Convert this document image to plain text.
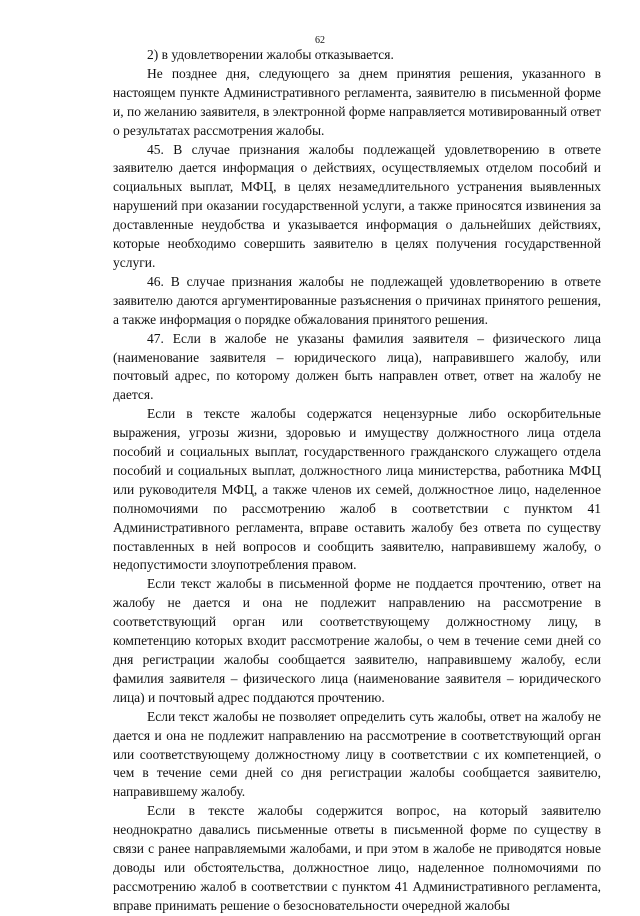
62

2) в удовлетворении жалобы отказывается.

Не позднее дня, следующего за днем принятия решения, указанного в настоящем пункте Административного регламента, заявителю в письменной форме и, по желанию заявителя, в электронной форме направляется мотивированный ответ о результатах рассмотрения жалобы.

45. В случае признания жалобы подлежащей удовлетворению в ответе заявителю дается информация о действиях, осуществляемых отделом пособий и социальных выплат, МФЦ, в целях незамедлительного устранения выявленных нарушений при оказании государственной услуги, а также приносятся извинения за доставленные неудобства и указывается информация о дальнейших действиях, которые необходимо совершить заявителю в целях получения государственной услуги.

46. В случае признания жалобы не подлежащей удовлетворению в ответе заявителю даются аргументированные разъяснения о причинах принятого решения, а также информация о порядке обжалования принятого решения.

47. Если в жалобе не указаны фамилия заявителя – физического лица (наименование заявителя – юридического лица), направившего жалобу, или почтовый адрес, по которому должен быть направлен ответ, ответ на жалобу не дается.

Если в тексте жалобы содержатся нецензурные либо оскорбительные выражения, угрозы жизни, здоровью и имуществу должностного лица отдела пособий и социальных выплат, государственного гражданского служащего отдела пособий и социальных выплат, должностного лица министерства, работника МФЦ или руководителя МФЦ, а также членов их семей, должностное лицо, наделенное полномочиями по рассмотрению жалоб в соответствии с пунктом 41 Административного регламента, вправе оставить жалобу без ответа по существу поставленных в ней вопросов и сообщить заявителю, направившему жалобу, о недопустимости злоупотребления правом.

Если текст жалобы в письменной форме не поддается прочтению, ответ на жалобу не дается и она не подлежит направлению на рассмотрение в соответствующий орган или соответствующему должностному лицу, в компетенцию которых входит рассмотрение жалобы, о чем в течение семи дней со дня регистрации жалобы сообщается заявителю, направившему жалобу, если фамилия заявителя – физического лица (наименование заявителя – юридического лица) и почтовый адрес поддаются прочтению.

Если текст жалобы не позволяет определить суть жалобы, ответ на жалобу не дается и она не подлежит направлению на рассмотрение в соответствующий орган или соответствующему должностному лицу в соответствии с их компетенцией, о чем в течение семи дней со дня регистрации жалобы сообщается заявителю, направившему жалобу.

Если в тексте жалобы содержится вопрос, на который заявителю неоднократно давались письменные ответы в письменной форме по существу в связи с ранее направляемыми жалобами, и при этом в жалобе не приводятся новые доводы или обстоятельства, должностное лицо, наделенное полномочиями по рассмотрению жалоб в соответствии с пунктом 41 Административного регламента, вправе принимать решение о безосновательности очередной жалобы
